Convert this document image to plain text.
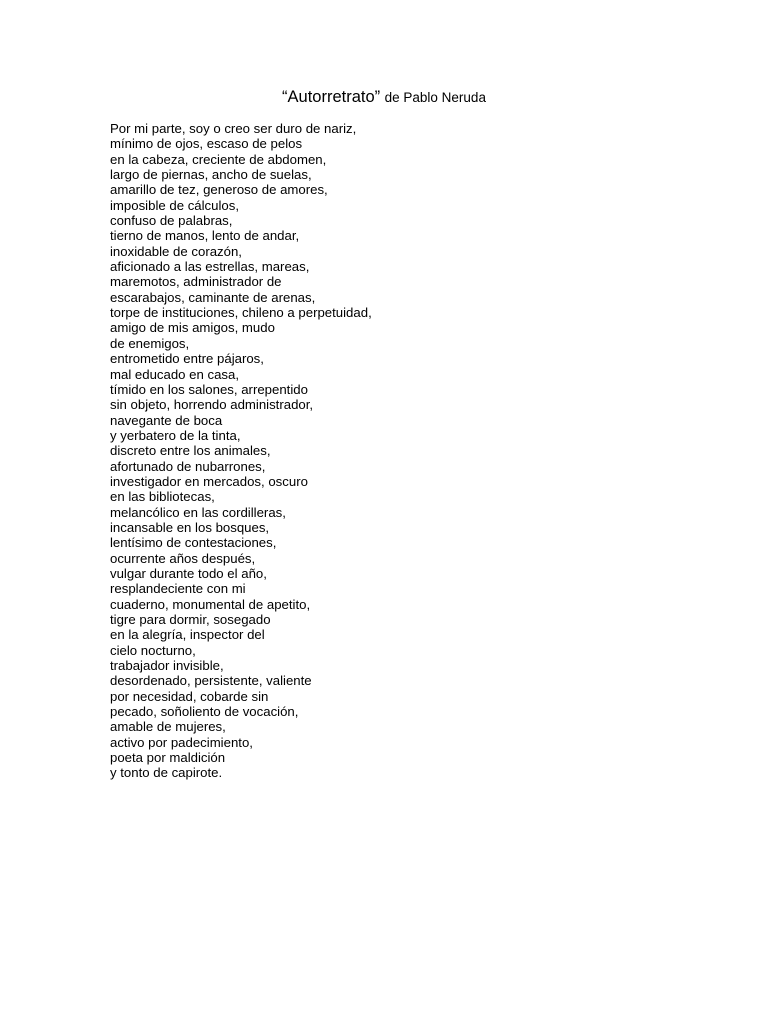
“Autorretrato” de Pablo Neruda
Por mi parte, soy o creo ser duro de nariz,
mínimo de ojos, escaso de pelos
en la cabeza, creciente de abdomen,
largo de piernas, ancho de suelas,
amarillo de tez, generoso de amores,
imposible de cálculos,
confuso de palabras,
tierno de manos, lento de andar,
inoxidable de corazón,
aficionado a las estrellas, mareas,
maremotos, administrador de
escarabajos, caminante de arenas,
torpe de instituciones, chileno a perpetuidad,
amigo de mis amigos, mudo
de enemigos,
entrometido entre pájaros,
mal educado en casa,
tímido en los salones, arrepentido
sin objeto, horrendo administrador,
navegante de boca
y yerbatero de la tinta,
discreto entre los animales,
afortunado de nubarrones,
investigador en mercados, oscuro
en las bibliotecas,
melancólico en las cordilleras,
incansable en los bosques,
lentísimo de contestaciones,
ocurrente años después,
vulgar durante todo el año,
resplandeciente con mi
cuaderno, monumental de apetito,
tigre para dormir, sosegado
en la alegría, inspector del
cielo nocturno,
trabajador invisible,
desordenado, persistente, valiente
por necesidad, cobarde sin
pecado, soñoliento de vocación,
amable de mujeres,
activo por padecimiento,
poeta por maldición
y tonto de capirote.
